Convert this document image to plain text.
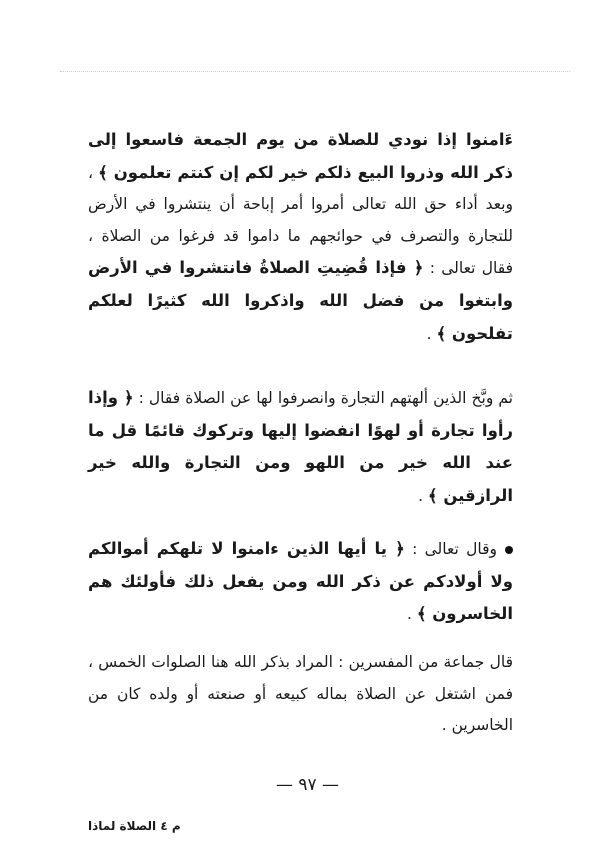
ءَامنوا إذا نودي للصلاة من يوم الجمعة فاسعوا إلى ذكر الله وذروا البيع ذلكم خير لكم إن كنتم تعلمون ﴾ ، وبعد أداء حق الله تعالى أمروا أمر إباحة أن ينتشروا في الأرض للتجارة والتصرف في حوائجهم ما داموا قد فرغوا من الصلاة ، فقال تعالى : ﴿ فإذا قُضِيتِ الصلاةُ فانتشروا في الأرض وابتغوا من فضل الله واذكروا الله كثيرًا لعلكم تفلحون ﴾ .
ثم وبَّخ الذين ألهتهم التجارة وانصرفوا لها عن الصلاة فقال : ﴿ وإذا رأوا تجارة أو لهوًا انفضوا إليها وتركوك قائمًا قل ما عند الله خير من اللهو ومن التجارة والله خير الرازقين ﴾ .
وقال تعالى : ﴿ يا أيها الذين ءامنوا لا تلهكم أموالكم ولا أولادكم عن ذكر الله ومن يفعل ذلك فأولئك هم الخاسرون ﴾ .
قال جماعة من المفسرين : المراد بذكر الله هنا الصلوات الخمس ، فمن اشتغل عن الصلاة بماله كبيعه أو صنعته أو ولده كان من الخاسرين .
— ٩٧ —
م ٤ الصلاة لماذا
